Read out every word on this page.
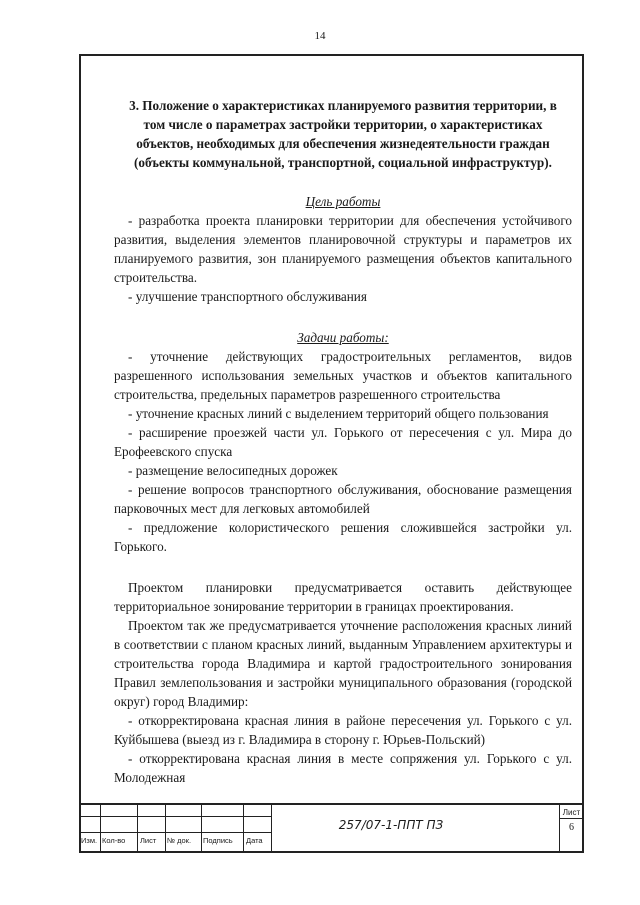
14

3. Положение о характеристиках планируемого развития территории, в том числе о параметрах застройки территории, о характеристиках объектов, необходимых для обеспечения жизнедеятельности граждан (объекты коммунальной, транспортной, социальной инфраструктур).

Цель работы

- разработка проекта планировки территории для обеспечения устойчивого развития, выделения элементов планировочной структуры и параметров их планируемого развития, зон планируемого размещения объектов капитального строительства.

- улучшение транспортного обслуживания

Задачи работы:

- уточнение действующих градостроительных регламентов, видов разрешенного использования земельных участков и объектов капитального строительства, предельных параметров разрешенного строительства

- уточнение красных линий с выделением территорий общего пользования

- расширение проезжей части ул. Горького от пересечения с ул. Мира до Ерофеевского спуска

- размещение велосипедных дорожек

- решение вопросов транспортного обслуживания, обоснование размещения парковочных мест для легковых автомобилей

- предложение колористического решения сложившейся застройки ул. Горького.

Проектом планировки предусматривается оставить действующее территориальное зонирование территории в границах проектирования.

Проектом так же предусматривается уточнение расположения красных линий в соответствии с планом красных линий, выданным Управлением архитектуры и строительства города Владимира и картой градостроительного зонирования Правил землепользования и застройки муниципального образования (городской округ) город Владимир:

- откорректирована красная линия в районе пересечения ул. Горького с ул. Куйбышева (выезд из г. Владимира в сторону г. Юрьев-Польский)

- откорректирована красная линия в месте сопряжения ул. Горького с ул. Молодежная

Изм. Кол-во Лист № док. Подпись Дата
257/07-1-ППТ ПЗ
Лист
6
